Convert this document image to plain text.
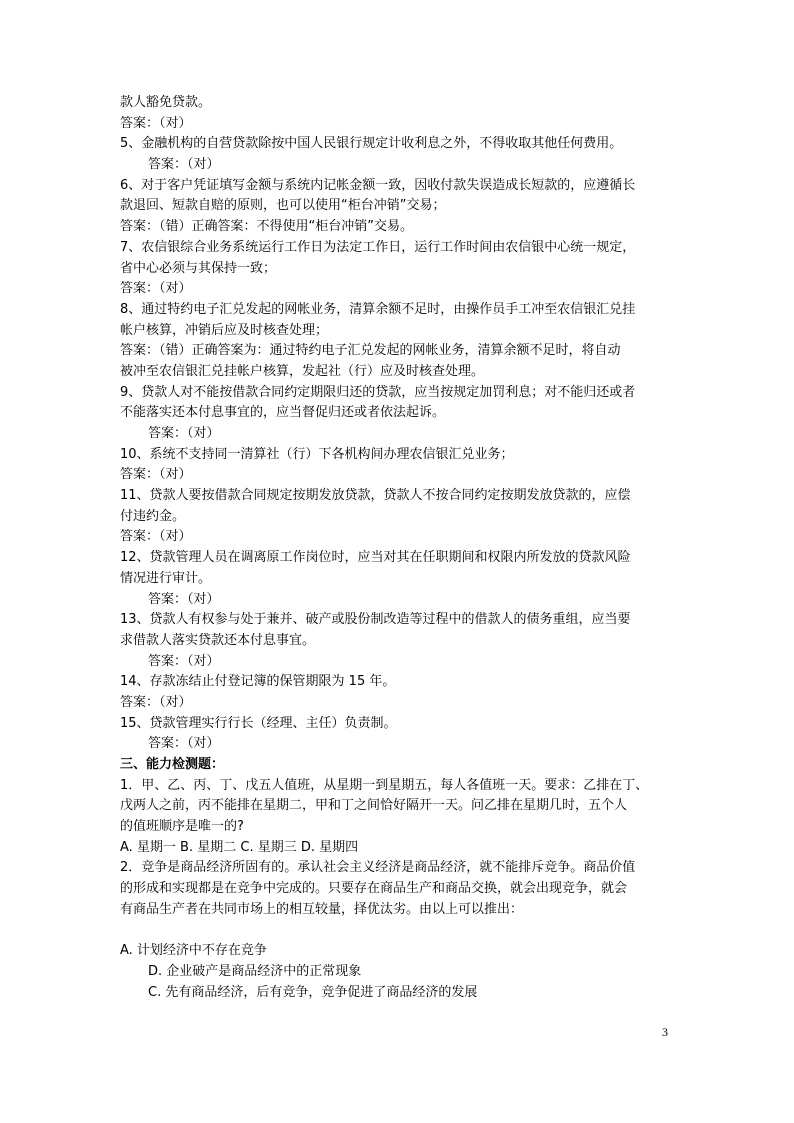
款人豁免贷款。
答案：（对）
5、金融机构的自营贷款除按中国人民银行规定计收利息之外，不得收取其他任何费用。
答案：（对）
6、对于客户凭证填写金额与系统内记帐金额一致，因收付款失误造成长短款的，应遵循长
款退回、短款自赔的原则，也可以使用“柜台冲销”交易；
答案：（错）正确答案：不得使用“柜台冲销”交易。
7、农信银综合业务系统运行工作日为法定工作日，运行工作时间由农信银中心统一规定，
省中心必须与其保持一致；
答案：（对）
8、通过特约电子汇兑发起的网帐业务，清算余额不足时，由操作员手工冲至农信银汇兑挂
帐户核算，冲销后应及时核查处理；
答案：（错）正确答案为：通过特约电子汇兑发起的网帐业务，清算余额不足时，将自动
被冲至农信银汇兑挂帐户核算，发起社（行）应及时核查处理。
9、贷款人对不能按借款合同约定期限归还的贷款，应当按规定加罚利息；对不能归还或者
不能落实还本付息事宜的，应当督促归还或者依法起诉。
答案：（对）
10、系统不支持同一清算社（行）下各机构间办理农信银汇兑业务；
答案：（对）
11、贷款人要按借款合同规定按期发放贷款，贷款人不按合同约定按期发放贷款的，应偿
付违约金。
答案：（对）
12、贷款管理人员在调离原工作岗位时，应当对其在任职期间和权限内所发放的贷款风险
情况进行审计。
答案：（对）
13、贷款人有权参与处于兼并、破产或股份制改造等过程中的借款人的债务重组，应当要
求借款人落实贷款还本付息事宜。
答案：（对）
14、存款冻结止付登记簿的保管期限为 15 年。
答案：（对）
15、贷款管理实行行长（经理、主任）负责制。
答案：（对）
三、能力检测题：
1．甲、乙、丙、丁、戊五人值班，从星期一到星期五，每人各值班一天。要求：乙排在丁、
戊两人之前，丙不能排在星期二，甲和丁之间恰好隔开一天。问乙排在星期几时，五个人
的值班顺序是唯一的?
A. 星期一 B. 星期二 C. 星期三 D. 星期四
2．竞争是商品经济所固有的。承认社会主义经济是商品经济，就不能排斥竞争。商品价值
的形成和实现都是在竞争中完成的。只要存在商品生产和商品交换，就会出现竞争，就会
有商品生产者在共同市场上的相互较量，择优汰劣。由以上可以推出：
A. 计划经济中不存在竞争
D. 企业破产是商品经济中的正常现象
C. 先有商品经济，后有竞争，竞争促进了商品经济的发展
3
